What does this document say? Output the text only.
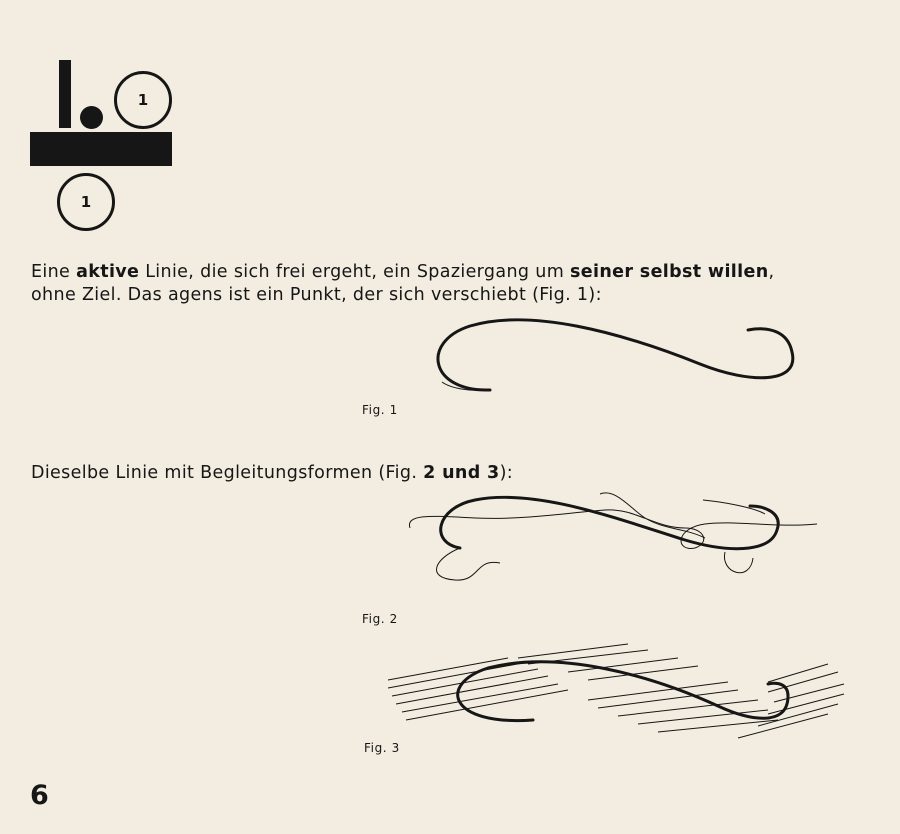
1
1
Eine aktive Linie, die sich frei ergeht, ein Spaziergang um seiner selbst willen,
ohne Ziel. Das agens ist ein Punkt, der sich verschiebt (Fig. 1):
Fig. 1
Dieselbe Linie mit Begleitungsformen (Fig. 2 und 3):
Fig. 2
Fig. 3
6
